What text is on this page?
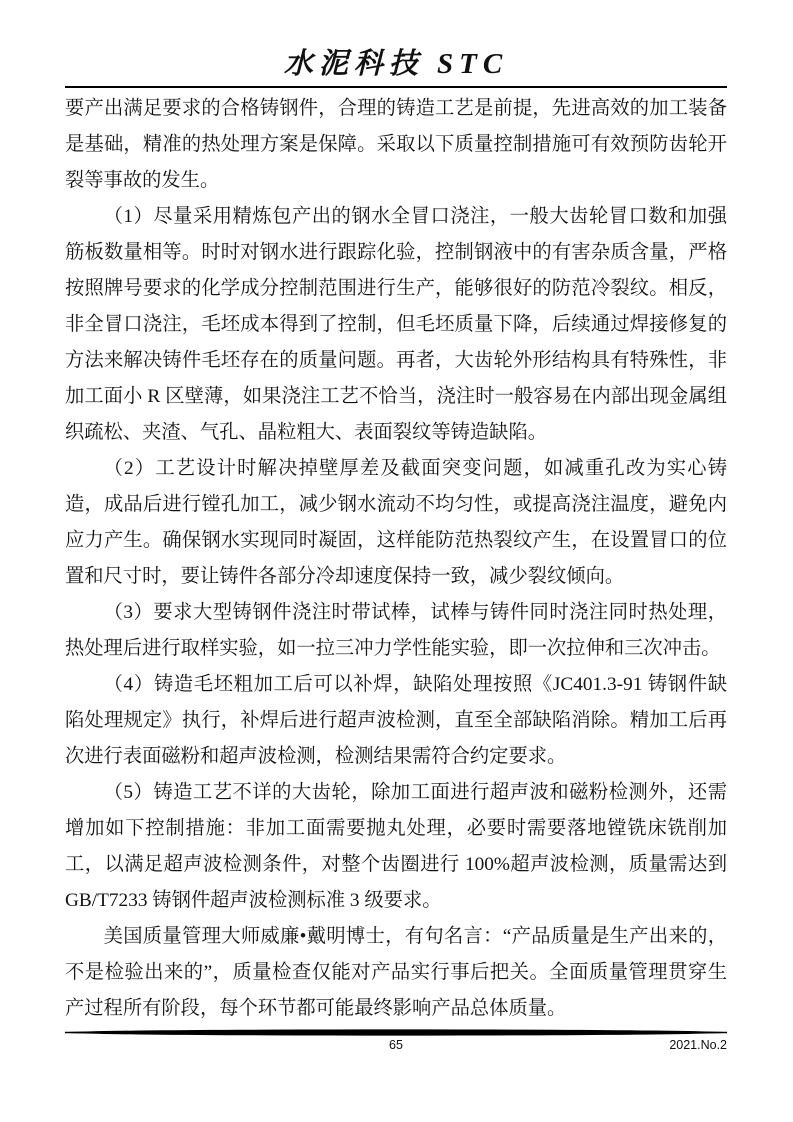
水泥科技 STC

要产出满足要求的合格铸钢件，合理的铸造工艺是前提，先进高效的加工装备是基础，精准的热处理方案是保障。采取以下质量控制措施可有效预防齿轮开裂等事故的发生。

（1）尽量采用精炼包产出的钢水全冒口浇注，一般大齿轮冒口数和加强筋板数量相等。时时对钢水进行跟踪化验，控制钢液中的有害杂质含量，严格按照牌号要求的化学成分控制范围进行生产，能够很好的防范冷裂纹。相反，非全冒口浇注，毛坯成本得到了控制，但毛坯质量下降，后续通过焊接修复的方法来解决铸件毛坯存在的质量问题。再者，大齿轮外形结构具有特殊性，非加工面小 R 区壁薄，如果浇注工艺不恰当，浇注时一般容易在内部出现金属组织疏松、夹渣、气孔、晶粒粗大、表面裂纹等铸造缺陷。

（2）工艺设计时解决掉壁厚差及截面突变问题，如减重孔改为实心铸造，成品后进行镗孔加工，减少钢水流动不均匀性，或提高浇注温度，避免内应力产生。确保钢水实现同时凝固，这样能防范热裂纹产生，在设置冒口的位置和尺寸时，要让铸件各部分冷却速度保持一致，减少裂纹倾向。

（3）要求大型铸钢件浇注时带试棒，试棒与铸件同时浇注同时热处理，热处理后进行取样实验，如一拉三冲力学性能实验，即一次拉伸和三次冲击。

（4）铸造毛坯粗加工后可以补焊，缺陷处理按照《JC401.3-91 铸钢件缺陷处理规定》执行，补焊后进行超声波检测，直至全部缺陷消除。精加工后再次进行表面磁粉和超声波检测，检测结果需符合约定要求。

（5）铸造工艺不详的大齿轮，除加工面进行超声波和磁粉检测外，还需增加如下控制措施：非加工面需要抛丸处理，必要时需要落地镗铣床铣削加工，以满足超声波检测条件，对整个齿圈进行 100%超声波检测，质量需达到 GB/T7233 铸钢件超声波检测标准 3 级要求。

美国质量管理大师威廉•戴明博士，有句名言：“产品质量是生产出来的，不是检验出来的”，质量检查仅能对产品实行事后把关。全面质量管理贯穿生产过程所有阶段，每个环节都可能最终影响产品总体质量。

65	2021.No.2
